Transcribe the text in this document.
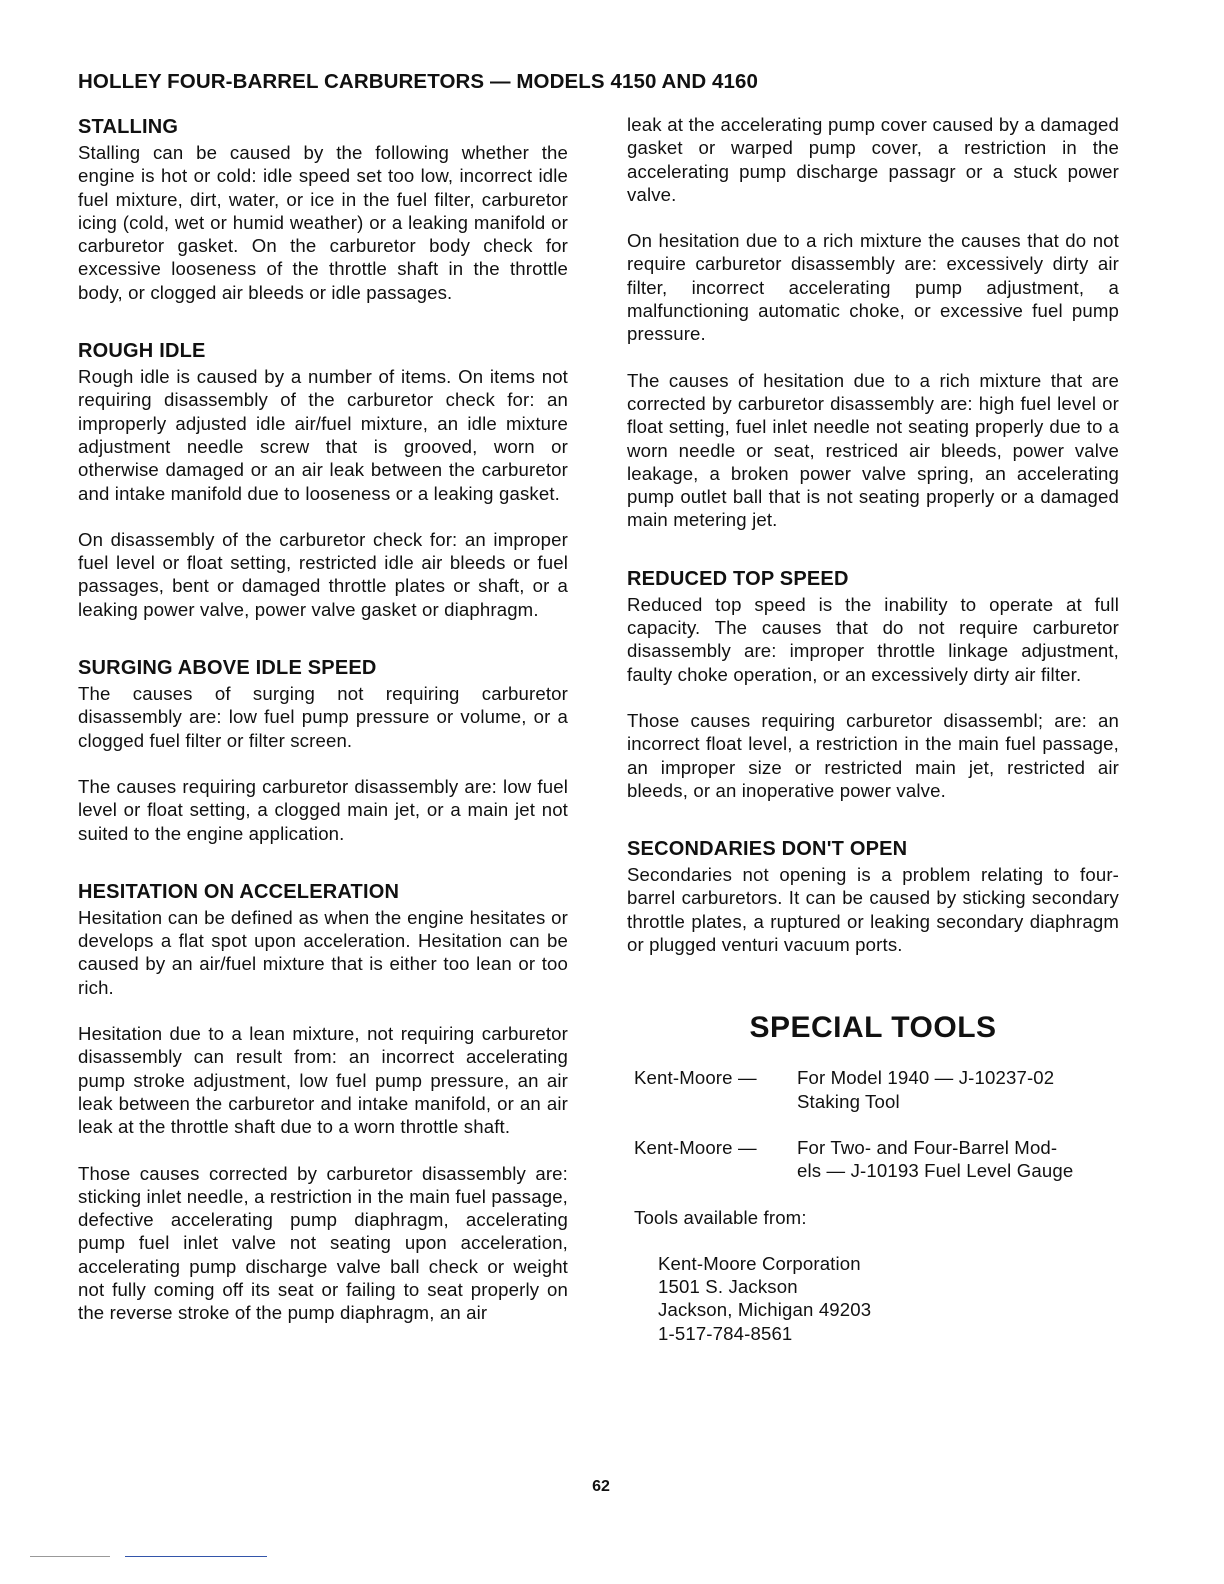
HOLLEY FOUR-BARREL CARBURETORS — MODELS 4150 AND 4160
STALLING

Stalling can be caused by the following whether the engine is hot or cold: idle speed set too low, incorrect idle fuel mixture, dirt, water, or ice in the fuel filter, carburetor icing (cold, wet or humid weather) or a leaking manifold or carburetor gasket. On the carburetor body check for excessive looseness of the throttle shaft in the throttle body, or clogged air bleeds or idle passages.

ROUGH IDLE

Rough idle is caused by a number of items. On items not requiring disassembly of the carburetor check for: an improperly adjusted idle air/fuel mixture, an idle mixture adjustment needle screw that is grooved, worn or otherwise damaged or an air leak between the carburetor and intake manifold due to looseness or a leaking gasket.

On disassembly of the carburetor check for: an improper fuel level or float setting, restricted idle air bleeds or fuel passages, bent or damaged throttle plates or shaft, or a leaking power valve, power valve gasket or diaphragm.

SURGING ABOVE IDLE SPEED

The causes of surging not requiring carburetor disassembly are: low fuel pump pressure or volume, or a clogged fuel filter or filter screen.

The causes requiring carburetor disassembly are: low fuel level or float setting, a clogged main jet, or a main jet not suited to the engine application.

HESITATION ON ACCELERATION

Hesitation can be defined as when the engine hesitates or develops a flat spot upon acceleration. Hesitation can be caused by an air/fuel mixture that is either too lean or too rich.

Hesitation due to a lean mixture, not requiring carburetor disassembly can result from: an incorrect accelerating pump stroke adjustment, low fuel pump pressure, an air leak between the carburetor and intake manifold, or an air leak at the throttle shaft due to a worn throttle shaft.

Those causes corrected by carburetor disassembly are: sticking inlet needle, a restriction in the main fuel passage, defective accelerating pump diaphragm, accelerating pump fuel inlet valve not seating upon acceleration, accelerating pump discharge valve ball check or weight not fully coming off its seat or failing to seat properly on the reverse stroke of the pump diaphragm, an air

leak at the accelerating pump cover caused by a damaged gasket or warped pump cover, a restriction in the accelerating pump discharge passagr or a stuck power valve.

On hesitation due to a rich mixture the causes that do not require carburetor disassembly are: excessively dirty air filter, incorrect accelerating pump adjustment, a malfunctioning automatic choke, or excessive fuel pump pressure.

The causes of hesitation due to a rich mixture that are corrected by carburetor disassembly are: high fuel level or float setting, fuel inlet needle not seating properly due to a worn needle or seat, restriced air bleeds, power valve leakage, a broken power valve spring, an accelerating pump outlet ball that is not seating properly or a damaged main metering jet.

REDUCED TOP SPEED

Reduced top speed is the inability to operate at full capacity. The causes that do not require carburetor disassembly are: improper throttle linkage adjustment, faulty choke operation, or an excessively dirty air filter.

Those causes requiring carburetor disassembl; are: an incorrect float level, a restriction in the main fuel passage, an improper size or restricted main jet, restricted air bleeds, or an inoperative power valve.

SECONDARIES DON'T OPEN

Secondaries not opening is a problem relating to four-barrel carburetors. It can be caused by sticking secondary throttle plates, a ruptured or leaking secondary diaphragm or plugged venturi vacuum ports.

SPECIAL TOOLS
Kent-Moore —	For Model 1940 — J-10237-02
Staking Tool
Kent-Moore —	For Two- and Four-Barrel Mod-
els — J-10193 Fuel Level Gauge
Tools available from:
Kent-Moore Corporation
1501 S. Jackson
Jackson, Michigan 49203
1-517-784-8561
62
